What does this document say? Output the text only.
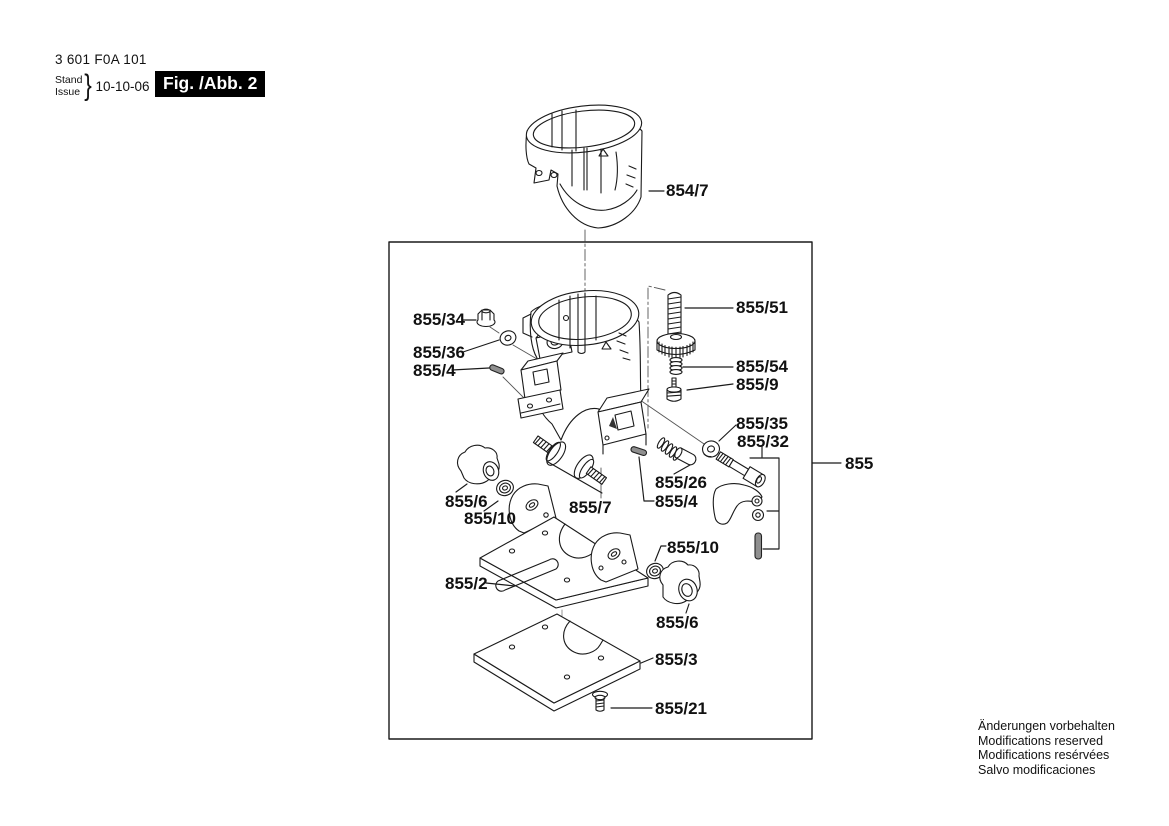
3 601 F0A 101
Stand
Issue } 10-10-06 Fig. /Abb. 2
854/7
855/34
855/36
855/4
855/51
855/54
855/9
855/35
855/32
855/26
855/4
855/6
855/10
855/7
855/2
855/10
855/6
855/3
855/21
855
Änderungen vorbehalten
Modifications reserved
Modifications resérvées
Salvo modificaciones
